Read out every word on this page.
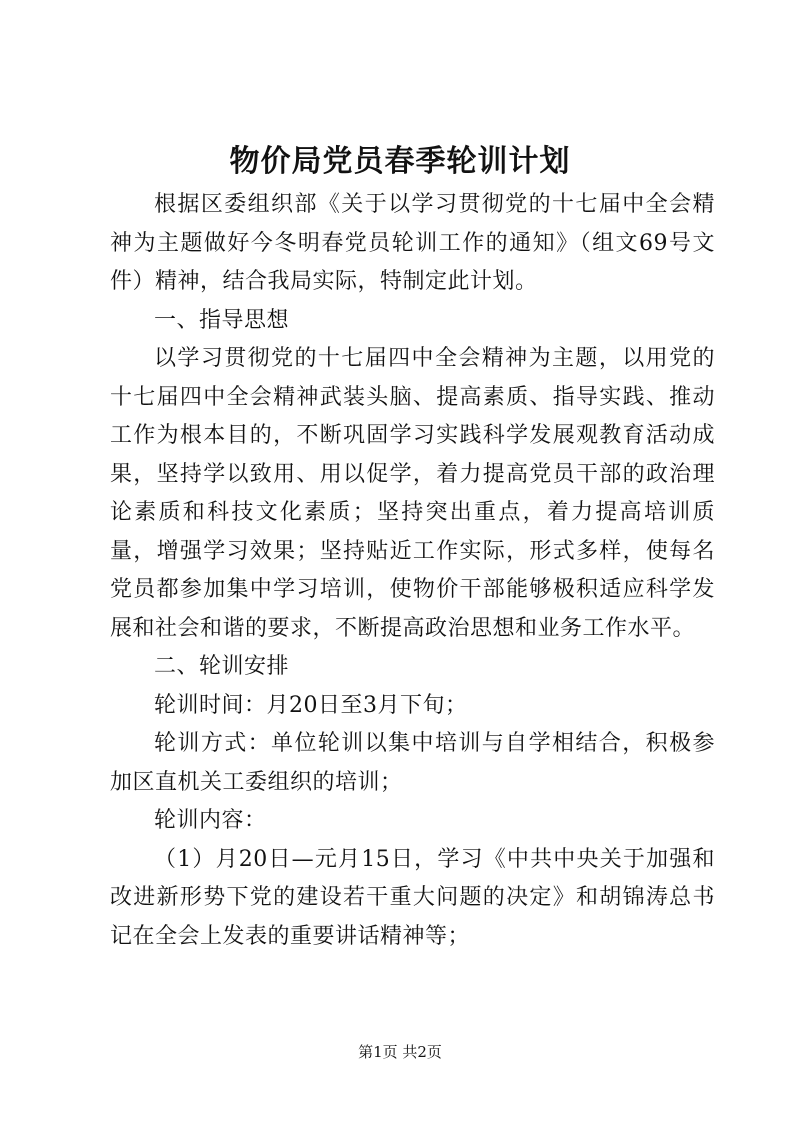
物价局党员春季轮训计划

根据区委组织部《关于以学习贯彻党的十七届中全会精神为主题做好今冬明春党员轮训工作的通知》（组文69号文件）精神，结合我局实际，特制定此计划。

一、指导思想

以学习贯彻党的十七届四中全会精神为主题，以用党的十七届四中全会精神武装头脑、提高素质、指导实践、推动工作为根本目的，不断巩固学习实践科学发展观教育活动成果，坚持学以致用、用以促学，着力提高党员干部的政治理论素质和科技文化素质；坚持突出重点，着力提高培训质量，增强学习效果；坚持贴近工作实际，形式多样，使每名党员都参加集中学习培训，使物价干部能够极积适应科学发展和社会和谐的要求，不断提高政治思想和业务工作水平。

二、轮训安排

轮训时间：月20日至3月下旬；

轮训方式：单位轮训以集中培训与自学相结合，积极参加区直机关工委组织的培训；

轮训内容：

（1）月20日—元月15日，学习《中共中央关于加强和改进新形势下党的建设若干重大问题的决定》和胡锦涛总书记在全会上发表的重要讲话精神等；

第1页 共2页
